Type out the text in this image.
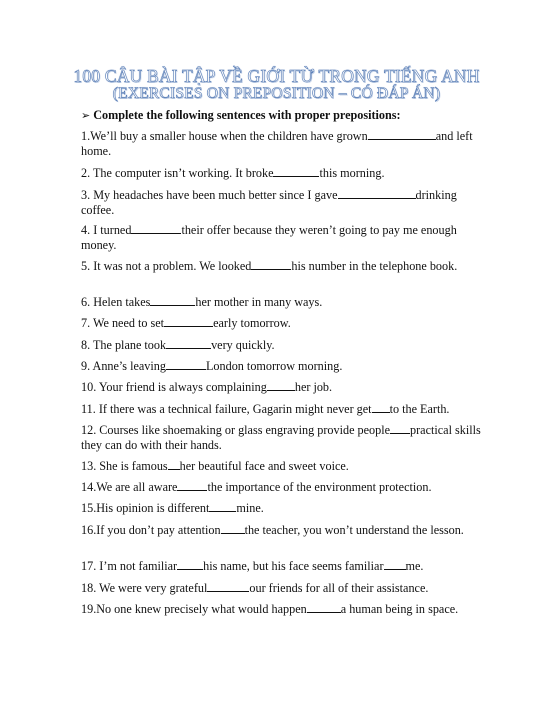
100 CÂU BÀI TẬP VỀ GIỚI TỪ TRONG TIẾNG ANH
(EXERCISES ON PREPOSITION – CÓ ĐÁP ÁN)
➢ Complete the following sentences with proper prepositions:
1.We’ll buy a smaller house when the children have grown	and left home.
2. The computer isn’t working. It broke	this morning.
3. My headaches have been much better since I gave	drinking coffee.
4. I turned	their offer because they weren’t going to pay me enough money.
5. It was not a problem. We looked	his number in the telephone book.
6. Helen takes	her mother in many ways.
7. We need to set	early tomorrow.
8. The plane took	very quickly.
9. Anne’s leaving	London tomorrow morning.
10. Your friend is always complaining her job.
11. If there was a technical failure, Gagarin might never get to the Earth.
12. Courses like shoemaking or glass engraving provide people practical skills they can do with their hands.
13. She is famous her beautiful face and sweet voice.
14.We are all aware the importance of the environment protection.
15.His opinion is different mine.
16.If you don’t pay attention the teacher, you won’t understand the lesson.
17. I’m not familiar his name, but his face seems familiar me.
18. We were very grateful	our friends for all of their assistance.
19.No one knew precisely what would happen	a human being in space.
